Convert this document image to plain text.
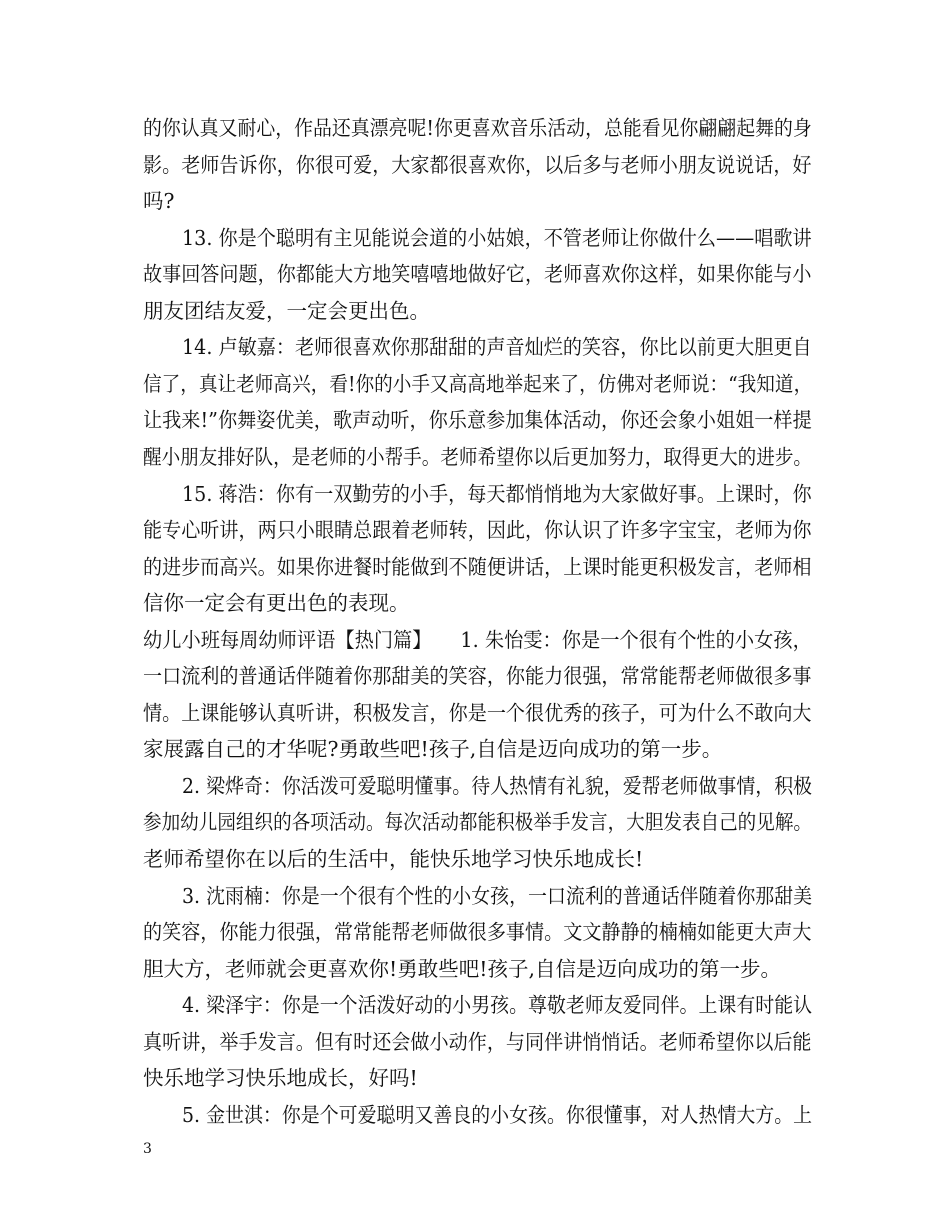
的你认真又耐心，作品还真漂亮呢!你更喜欢音乐活动，总能看见你翩翩起舞的身
影。老师告诉你，你很可爱，大家都很喜欢你，以后多与老师小朋友说说话，好
吗?
13. 你是个聪明有主见能说会道的小姑娘，不管老师让你做什么——唱歌讲
故事回答问题，你都能大方地笑嘻嘻地做好它，老师喜欢你这样，如果你能与小
朋友团结友爱，一定会更出色。
14. 卢敏嘉：老师很喜欢你那甜甜的声音灿烂的笑容，你比以前更大胆更自
信了，真让老师高兴，看!你的小手又高高地举起来了，仿佛对老师说：“我知道，
让我来!”你舞姿优美，歌声动听，你乐意参加集体活动，你还会象小姐姐一样提
醒小朋友排好队，是老师的小帮手。老师希望你以后更加努力，取得更大的进步。
15. 蒋浩：你有一双勤劳的小手，每天都悄悄地为大家做好事。上课时，你
能专心听讲，两只小眼睛总跟着老师转，因此，你认识了许多字宝宝，老师为你
的进步而高兴。如果你进餐时能做到不随便讲话，上课时能更积极发言，老师相
信你一定会有更出色的表现。
幼儿小班每周幼师评语【热门篇】　　1. 朱怡雯：你是一个很有个性的小女孩，
一口流利的普通话伴随着你那甜美的笑容，你能力很强，常常能帮老师做很多事
情。上课能够认真听讲，积极发言，你是一个很优秀的孩子，可为什么不敢向大
家展露自己的才华呢?勇敢些吧!孩子,自信是迈向成功的第一步。
2. 梁烨奇：你活泼可爱聪明懂事。待人热情有礼貌，爱帮老师做事情，积极
参加幼儿园组织的各项活动。每次活动都能积极举手发言，大胆发表自己的见解。
老师希望你在以后的生活中，能快乐地学习快乐地成长!
3. 沈雨楠：你是一个很有个性的小女孩，一口流利的普通话伴随着你那甜美
的笑容，你能力很强，常常能帮老师做很多事情。文文静静的楠楠如能更大声大
胆大方，老师就会更喜欢你!勇敢些吧!孩子,自信是迈向成功的第一步。
4. 梁泽宇：你是一个活泼好动的小男孩。尊敬老师友爱同伴。上课有时能认
真听讲，举手发言。但有时还会做小动作，与同伴讲悄悄话。老师希望你以后能
快乐地学习快乐地成长，好吗!
5. 金世淇：你是个可爱聪明又善良的小女孩。你很懂事，对人热情大方。上
3
